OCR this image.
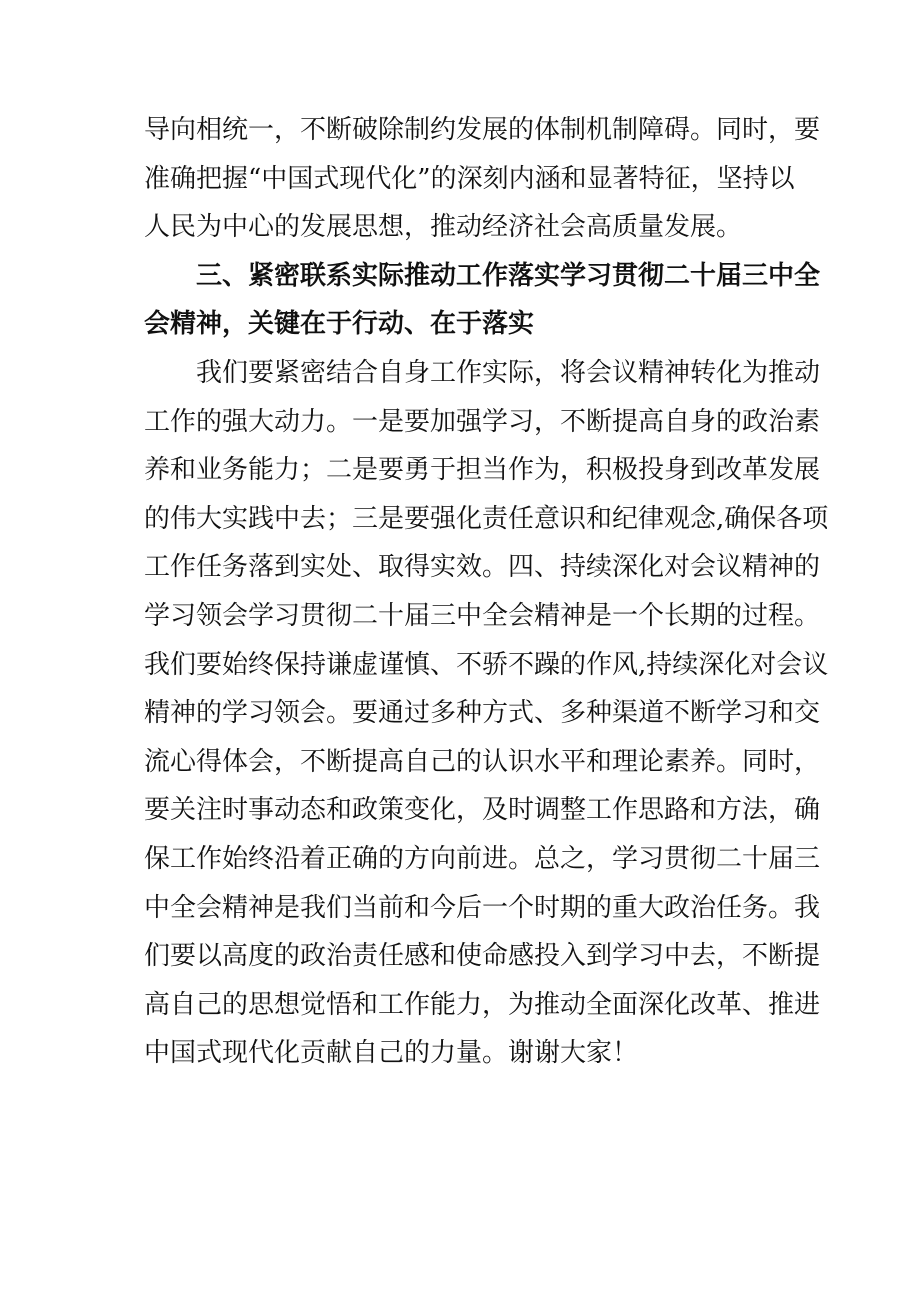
导向相统一，不断破除制约发展的体制机制障碍。同时，要
准确把握“中国式现代化”的深刻内涵和显著特征，坚持以
人民为中心的发展思想，推动经济社会高质量发展。
三、紧密联系实际推动工作落实学习贯彻二十届三中全
会精神，关键在于行动、在于落实
我们要紧密结合自身工作实际，将会议精神转化为推动
工作的强大动力。一是要加强学习，不断提高自身的政治素
养和业务能力；二是要勇于担当作为，积极投身到改革发展
的伟大实践中去；三是要强化责任意识和纪律观念,确保各项
工作任务落到实处、取得实效。四、持续深化对会议精神的
学习领会学习贯彻二十届三中全会精神是一个长期的过程。
我们要始终保持谦虚谨慎、不骄不躁的作风,持续深化对会议
精神的学习领会。要通过多种方式、多种渠道不断学习和交
流心得体会，不断提高自己的认识水平和理论素养。同时，
要关注时事动态和政策变化，及时调整工作思路和方法，确
保工作始终沿着正确的方向前进。总之，学习贯彻二十届三
中全会精神是我们当前和今后一个时期的重大政治任务。我
们要以高度的政治责任感和使命感投入到学习中去，不断提
高自己的思想觉悟和工作能力，为推动全面深化改革、推进
中国式现代化贡献自己的力量。谢谢大家！
